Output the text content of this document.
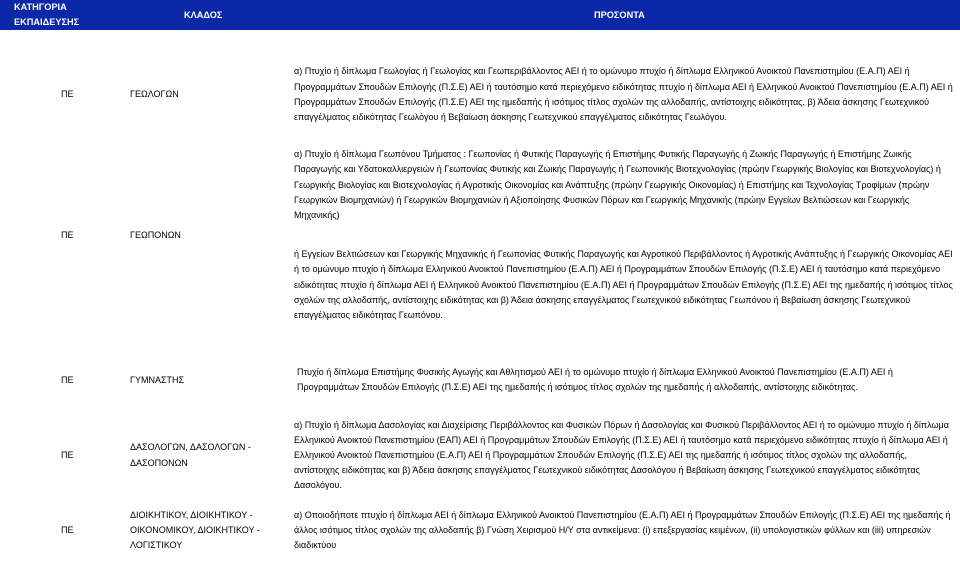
ΚΑΤΗΓΟΡΙΑ ΕΚΠΑΙΔΕΥΣΗΣ	ΚΛΑΔΟΣ	ΠΡΟΣΟΝΤΑ

ΠΕ	ΓΕΩΛΟΓΩΝ	α) Πτυχίο ή δίπλωμα Γεωλογίας ή Γεωλογίας και Γεωπεριβάλλοντος ΑΕΙ ή το ομώνυμο πτυχίο ή δίπλωμα Ελληνικού Ανοικτού Πανεπιστημίου (Ε.Α.Π) ΑΕΙ ή Προγραμμάτων Σπουδών Επιλογής (Π.Σ.Ε) ΑΕΙ ή ταυτόσημο κατά περιεχόμενο ειδικότητας πτυχίο ή δίπλωμα ΑΕΙ ή Ελληνικού Ανοικτού Πανεπιστημίου (Ε.Α.Π) ΑΕΙ ή Προγραμμάτων Σπουδών Επιλογής (Π.Σ.Ε) ΑΕΙ της ημεδαπής ή ισότιμος τίτλος σχολών της αλλοδαπής, αντίστοιχης ειδικότητας, β) Άδεια άσκησης Γεωτεχνικού επαγγέλματος ειδικότητας Γεωλόγου ή Βεβαίωση άσκησης Γεωτεχνικού επαγγέλματος ειδικότητας Γεωλόγου.

ΠΕ	ΓΕΩΠΟΝΩΝ	α) Πτυχίο ή δίπλωμα Γεωπόνου Τμήματος : Γεωπονίας ή Φυτικής Παραγωγής ή Επιστήμης Φυτικής Παραγωγής ή Ζωικής Παραγωγής ή Επιστήμης Ζωικής Παραγωγής και Υδατοκαλλιεργειών ή Γεωπονίας Φυτικής και Ζωικής Παραγωγής ή Γεωπονικής Βιοτεχνολογίας (πρώην Γεωργικής Βιολογίας και Βιοτεχνολογίας) ή Γεωργικής Βιολογίας και Βιοτεχνολογίας ή Αγροτικής Οικονομίας και Ανάπτυξης (πρώην Γεωργικής Οικονομίας) ή Επιστήμης και Τεχνολογίας Τροφίμων (πρώην Γεωργικών Βιομηχανιών) ή Γεωργικών Βιομηχανιών ή Αξιοποίησης Φυσικών Πόρων και Γεωργικής Μηχανικής (πρώην Εγγείων Βελτιώσεων και Γεωργικής Μηχανικής)
ή Εγγείων Βελτιώσεων και Γεωργικής Μηχανικής ή Γεωπονίας Φυτικής Παραγωγής και Αγροτικού Περιβάλλοντος ή Αγροτικής Ανάπτυξης ή Γεωργικής Οικονομίας ΑΕΙ ή το ομώνυμο πτυχίο ή δίπλωμα Ελληνικού Ανοικτού Πανεπιστημίου (Ε.Α.Π) ΑΕΙ ή Προγραμμάτων Σπουδών Επιλογής (Π.Σ.Ε) ΑΕΙ ή ταυτόσημο κατά περιεχόμενο ειδικότητας πτυχίο ή δίπλωμα ΑΕΙ ή Ελληνικού Ανοικτού Πανεπιστημίου (Ε.Α.Π) ΑΕΙ ή Προγραμμάτων Σπουδών Επιλογής (Π.Σ.Ε) ΑΕΙ της ημεδαπής ή ισότιμος τίτλος σχολών της αλλοδαπής, αντίστοιχης ειδικότητας και β) Άδεια άσκησης επαγγέλματος Γεωτεχνικού ειδικότητας Γεωπόνου ή Βεβαίωση άσκησης Γεωτεχνικού επαγγέλματος ειδικότητας Γεωπόνου.

ΠΕ	ΓΥΜΝΑΣΤΗΣ	Πτυχίο ή δίπλωμα Επιστήμης Φυσικής Αγωγής και Αθλητισμού ΑΕΙ ή το ομώνυμο πτυχίο ή δίπλωμα Ελληνικού Ανοικτού Πανεπιστημίου (Ε.Α.Π) ΑΕΙ ή Προγραμμάτων Σπουδών Επιλογής (Π.Σ.Ε) ΑΕΙ της ημεδαπής ή ισότιμος τίτλος σχολών της ημεδαπής ή αλλοδαπής, αντίστοιχης ειδικότητας.

ΠΕ	ΔΑΣΟΛΟΓΩΝ, ΔΑΣΟΛΟΓΩΝ - ΔΑΣΟΠΟΝΩΝ	α) Πτυχίο ή δίπλωμα Δασολογίας και Διαχείρισης Περιβάλλοντος και Φυσικών Πόρων ή Δασολογίας και Φυσικού Περιβάλλοντος ΑΕΙ ή το ομώνυμο πτυχίο ή δίπλωμα Ελληνικού Ανοικτού Πανεπιστημίου (ΕΑΠ) ΑΕΙ ή Προγραμμάτων Σπουδών Επιλογής (Π.Σ.Ε) ΑΕΙ ή ταυτόσημο κατά περιεχόμενο ειδικότητας πτυχίο ή δίπλωμα ΑΕΙ ή Ελληνικού Ανοικτού Πανεπιστημίου (Ε.Α.Π) ΑΕΙ ή Προγραμμάτων Σπουδών Επιλογής (Π.Σ.Ε) ΑΕΙ της ημεδαπής ή ισότιμος τίτλος σχολών της αλλοδαπής, αντίστοιχης ειδικότητας και β) Άδεια άσκησης επαγγέλματος Γεωτεχνικού ειδικότητας Δασολόγου ή Βεβαίωση άσκησης Γεωτεχνικού επαγγέλματος ειδικότητας Δασολόγου.

ΠΕ	ΔΙΟΙΚΗΤΙΚΟΥ, ΔΙΟΙΚΗΤΙΚΟΥ - ΟΙΚΟΝΟΜΙΚΟΥ, ΔΙΟΙΚΗΤΙΚΟΥ - ΛΟΓΙΣΤΙΚΟΥ	α) Οποιοδήποτε πτυχίο ή δίπλωμα ΑΕΙ ή δίπλωμα Ελληνικού Ανοικτού Πανεπιστημίου (Ε.Α.Π) ΑΕΙ ή Προγραμμάτων Σπουδών Επιλογής (Π.Σ.Ε) ΑΕΙ της ημεδαπής ή άλλος ισότιμος τίτλος σχολών της αλλοδαπής β) Γνώση Χειρισμού Η/Υ στα αντικείμενα: (i) επεξεργασίας κειμένων, (ii) υπολογιστικών φύλλων και (iii) υπηρεσιών διαδικτύου
